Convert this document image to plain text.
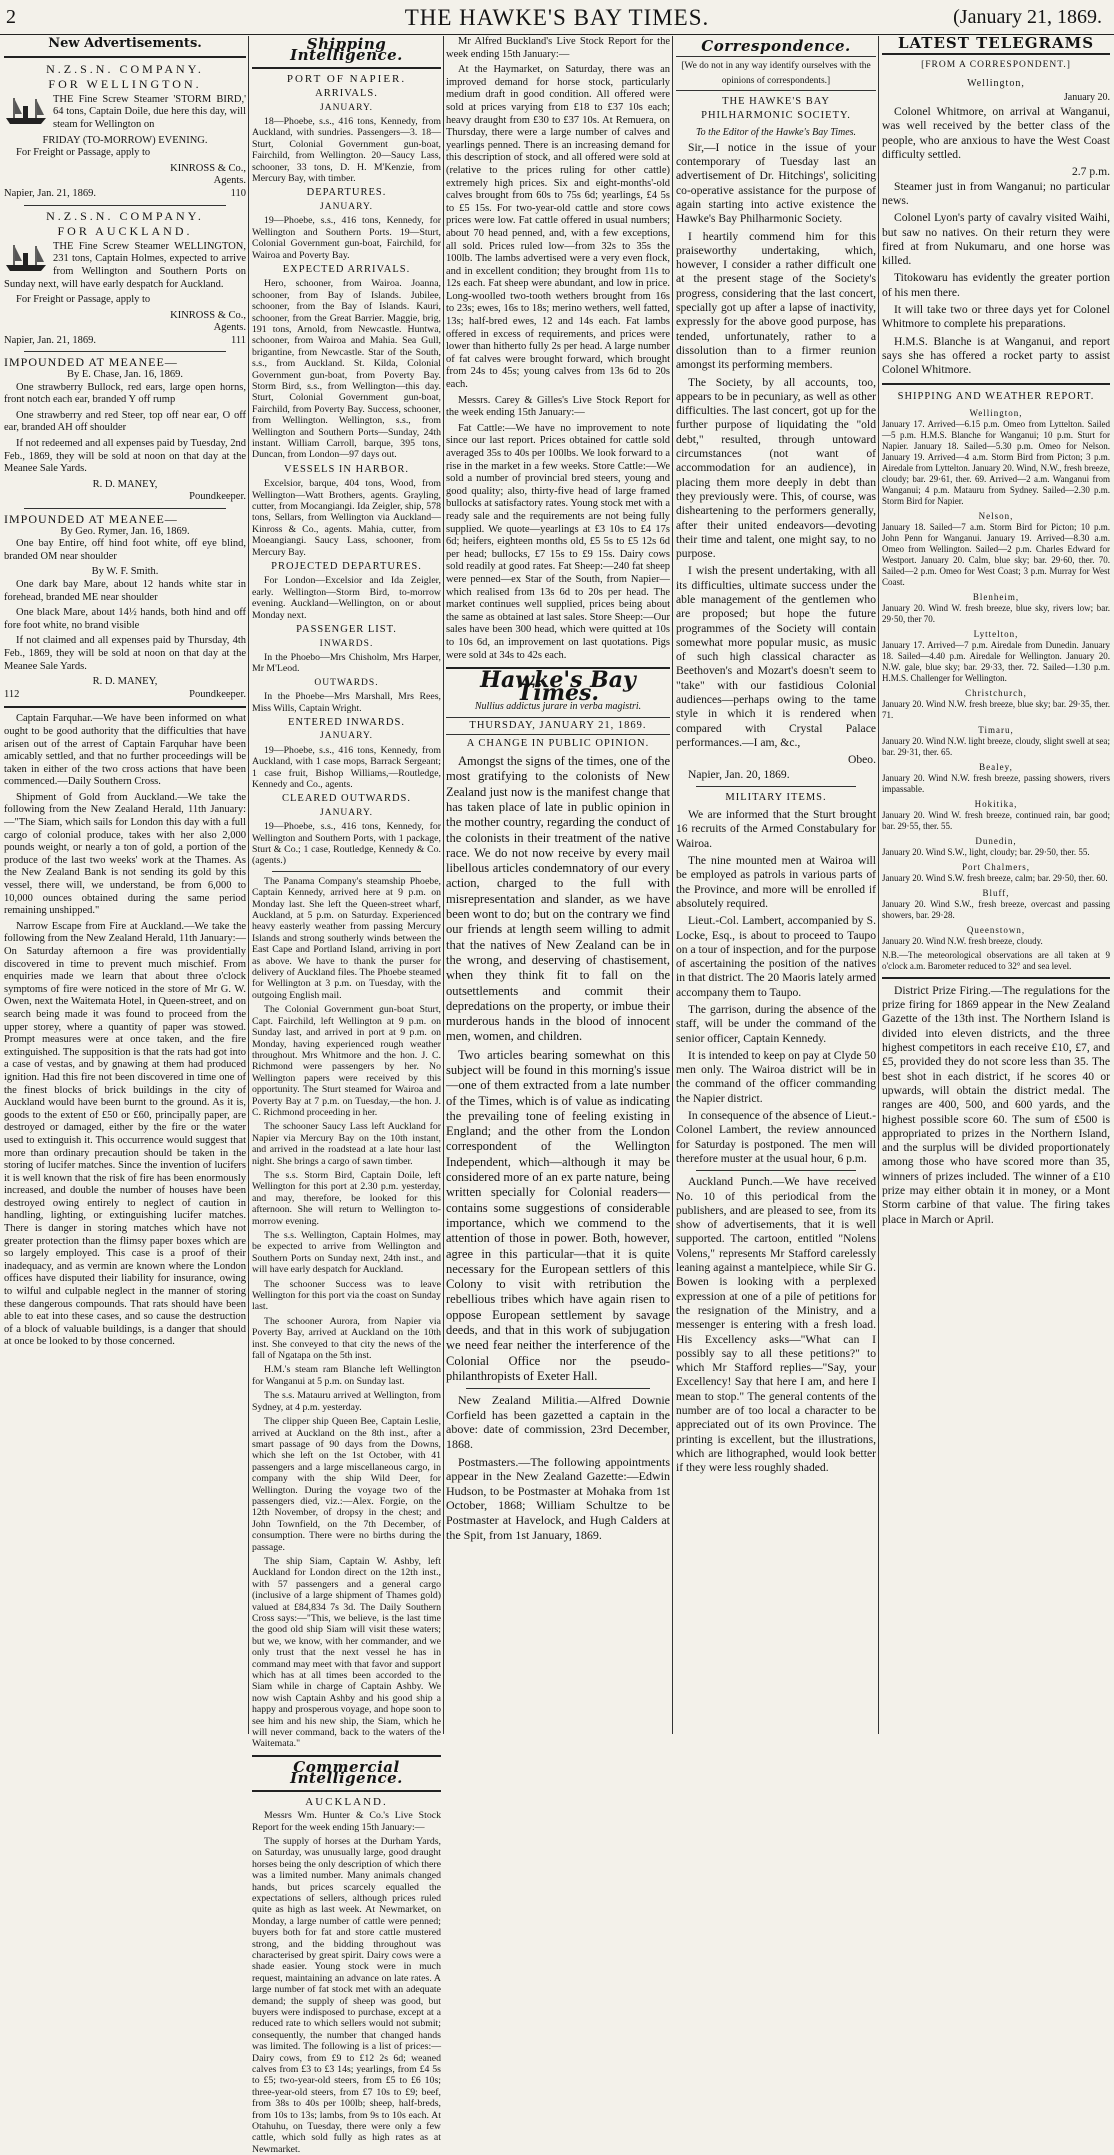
2	THE HAWKE'S BAY TIMES.	(January 21, 1869.
New Advertisements.
N.Z.S.N. COMPANY.
FOR WELLINGTON.

THE Fine Screw Steamer 'STORM BIRD,' 64 tons, Captain Doile, due here this day, will steam for Wellington on

FRIDAY (TO-MORROW) EVENING.

For Freight or Passage, apply to

KINROSS & Co.,
Agents.
Napier, Jan. 21, 1869.	110
N.Z.S.N. COMPANY.
FOR AUCKLAND.

THE Fine Screw Steamer WELLINGTON, 231 tons, Captain Holmes, expected to arrive from Wellington and Southern Ports on Sunday next, will have early despatch for Auckland.

For Freight or Passage, apply to

KINROSS & Co.,
Agents.
Napier, Jan. 21, 1869.	111
IMPOUNDED AT MEANEE—
By E. Chase, Jan. 16, 1869.

One strawberry Bullock, red ears, large open horns, front notch each ear, branded Y off rump

One strawberry and red Steer, top off near ear, O off ear, branded AH off shoulder

If not redeemed and all expenses paid by Tuesday, 2nd Feb., 1869, they will be sold at noon on that day at the Meanee Sale Yards.

R. D. MANEY,
Poundkeeper.
IMPOUNDED AT MEANEE—
By Geo. Rymer, Jan. 16, 1869.

One bay Entire, off hind foot white, off eye blind, branded OM near shoulder

By W. F. Smith.

One dark bay Mare, about 12 hands white star in forehead, branded ME near shoulder

One black Mare, about 14½ hands, both hind and off fore foot white, no brand visible

If not claimed and all expenses paid by Thursday, 4th Feb., 1869, they will be sold at noon on that day at the Meanee Sale Yards.

R. D. MANEY,
112	Poundkeeper.

Captain Farquhar.—We have been informed on what ought to be good authority that the difficulties that have arisen out of the arrest of Captain Farquhar have been amicably settled, and that no further proceedings will be taken in either of the two cross actions that have been commenced.—Daily Southern Cross.

Shipment of Gold from Auckland.—We take the following from the New Zealand Herald, 11th January:—"The Siam, which sails for London this day with a full cargo of colonial produce, takes with her also 2,000 pounds weight, or nearly a ton of gold, a portion of the produce of the last two weeks' work at the Thames. As the New Zealand Bank is not sending its gold by this vessel, there will, we understand, be from 6,000 to 10,000 ounces obtained during the same period remaining unshipped."

Narrow Escape from Fire at Auckland.—We take the following from the New Zealand Herald, 11th January:—On Saturday afternoon a fire was providentially discovered in time to prevent much mischief. From enquiries made we learn that about three o'clock symptoms of fire were noticed in the store of Mr G. W. Owen, next the Waitemata Hotel, in Queen-street, and on search being made it was found to proceed from the upper storey, where a quantity of paper was stowed. Prompt measures were at once taken, and the fire extinguished. The supposition is that the rats had got into a case of vestas, and by gnawing at them had produced ignition. Had this fire not been discovered in time one of the finest blocks of brick buildings in the city of Auckland would have been burnt to the ground. As it is, goods to the extent of £50 or £60, principally paper, are destroyed or damaged, either by the fire or the water used to extinguish it. This occurrence would suggest that more than ordinary precaution should be taken in the storing of lucifer matches. Since the invention of lucifers it is well known that the risk of fire has been enormously increased, and double the number of houses have been destroyed owing entirely to neglect of caution in handling, lighting, or extinguishing lucifer matches. There is danger in storing matches which have not greater protection than the flimsy paper boxes which are so largely employed. This case is a proof of their inadequacy, and as vermin are known where the London offices have disputed their liability for insurance, owing to wilful and culpable neglect in the manner of storing these dangerous compounds. That rats should have been able to eat into these cases, and so cause the destruction of a block of valuable buildings, is a danger that should at once be looked to by those concerned.

Shipping Intelligence.
PORT OF NAPIER.
ARRIVALS.
JANUARY.

18—Phoebe, s.s., 416 tons, Kennedy, from Auckland, with sundries. Passengers—3. 18—Sturt, Colonial Government gun-boat, Fairchild, from Wellington. 20—Saucy Lass, schooner, 33 tons, D. H. M'Kenzie, from Mercury Bay, with timber.

DEPARTURES.
JANUARY.

19—Phoebe, s.s., 416 tons, Kennedy, for Wellington and Southern Ports. 19—Sturt, Colonial Government gun-boat, Fairchild, for Wairoa and Poverty Bay.

EXPECTED ARRIVALS.

Hero, schooner, from Wairoa. Joanna, schooner, from Bay of Islands. Jubilee, schooner, from the Bay of Islands. Kauri, schooner, from the Great Barrier. Maggie, brig, 191 tons, Arnold, from Newcastle. Huntwa, schooner, from Wairoa and Mahia. Sea Gull, brigantine, from Newcastle. Star of the South, s.s., from Auckland. St. Kilda, Colonial Government gun-boat, from Poverty Bay. Storm Bird, s.s., from Wellington—this day. Sturt, Colonial Government gun-boat, Fairchild, from Poverty Bay. Success, schooner, from Wellington. Wellington, s.s., from Wellington and Southern Ports—Sunday, 24th instant. William Carroll, barque, 395 tons, Duncan, from London—97 days out.

VESSELS IN HARBOR.

Excelsior, barque, 404 tons, Wood, from Wellington—Watt Brothers, agents. Grayling, cutter, from Mocangiangi. Ida Zeigler, ship, 578 tons, Sellars, from Wellington via Auckland—Kinross & Co., agents. Mahia, cutter, from Moeangiangi. Saucy Lass, schooner, from Mercury Bay.

PROJECTED DEPARTURES.

For London—Excelsior and Ida Zeigler, early. Wellington—Storm Bird, to-morrow evening. Auckland—Wellington, on or about Monday next.

PASSENGER LIST.
INWARDS.

In the Phoebo—Mrs Chisholm, Mrs Harper, Mr M'Leod.

OUTWARDS.

In the Phoebe—Mrs Marshall, Mrs Rees, Miss Wills, Captain Wright.

ENTERED INWARDS.
JANUARY.

19—Phoebe, s.s., 416 tons, Kennedy, from Auckland, with 1 case mops, Barrack Sergeant; 1 case fruit, Bishop Williams,—Routledge, Kennedy and Co., agents.

CLEARED OUTWARDS.
JANUARY.

19—Phoebe, s.s., 416 tons, Kennedy, for Wellington and Southern Ports, with 1 package, Sturt & Co.; 1 case, Routledge, Kennedy & Co. (agents.)

The Panama Company's steamship Phoebe, Captain Kennedy, arrived here at 9 p.m. on Monday last. She left the Queen-street wharf, Auckland, at 5 p.m. on Saturday. Experienced heavy easterly weather from passing Mercury Islands and strong southerly winds between the East Cape and Portland Island, arriving in port as above. We have to thank the purser for delivery of Auckland files. The Phoebe steamed for Wellington at 3 p.m. on Tuesday, with the outgoing English mail.

The Colonial Government gun-boat Sturt, Capt. Fairchild, left Wellington at 9 p.m. on Sunday last, and arrived in port at 9 p.m. on Monday, having experienced rough weather throughout. Mrs Whitmore and the hon. J. C. Richmond were passengers by her. No Wellington papers were received by this opportunity. The Sturt steamed for Wairoa and Poverty Bay at 7 p.m. on Tuesday,—the hon. J. C. Richmond proceeding in her.

The schooner Saucy Lass left Auckland for Napier via Mercury Bay on the 10th instant, and arrived in the roadstead at a late hour last night. She brings a cargo of sawn timber.

The s.s. Storm Bird, Captain Doile, left Wellington for this port at 2.30 p.m. yesterday, and may, therefore, be looked for this afternoon. She will return to Wellington to-morrow evening.

The s.s. Wellington, Captain Holmes, may be expected to arrive from Wellington and Southern Ports on Sunday next, 24th inst., and will have early despatch for Auckland.

The schooner Success was to leave Wellington for this port via the coast on Sunday last.

The schooner Aurora, from Napier via Poverty Bay, arrived at Auckland on the 10th inst. She conveyed to that city the news of the fall of Ngatapa on the 5th inst.

H.M.'s steam ram Blanche left Wellington for Wanganui at 5 p.m. on Sunday last.

The s.s. Matauru arrived at Wellington, from Sydney, at 4 p.m. yesterday.

The clipper ship Queen Bee, Captain Leslie, arrived at Auckland on the 8th inst., after a smart passage of 90 days from the Downs, which she left on the 1st October, with 41 passengers and a large miscellaneous cargo, in company with the ship Wild Deer, for Wellington. During the voyage two of the passengers died, viz.:—Alex. Forgie, on the 12th November, of dropsy in the chest; and John Townfield, on the 7th December, of consumption. There were no births during the passage.

The ship Siam, Captain W. Ashby, left Auckland for London direct on the 12th inst., with 57 passengers and a general cargo (inclusive of a large shipment of Thames gold) valued at £84,834 7s 3d. The Daily Southern Cross says:—"This, we believe, is the last time the good old ship Siam will visit these waters; but we, we know, with her commander, and we only trust that the next vessel he has in command may meet with that favor and support which has at all times been accorded to the Siam while in charge of Captain Ashby. We now wish Captain Ashby and his good ship a happy and prosperous voyage, and hope soon to see him and his new ship, the Siam, which he will never command, back to the waters of the Waitemata."

Commercial Intelligence.
AUCKLAND.

Messrs Wm. Hunter & Co.'s Live Stock Report for the week ending 15th January:—

The supply of horses at the Durham Yards, on Saturday, was unusually large, good draught horses being the only description of which there was a limited number. Many animals changed hands, but prices scarcely equalled the expectations of sellers, although prices ruled quite as high as last week. At Newmarket, on Monday, a large number of cattle were penned; buyers both for fat and store cattle mustered strong, and the bidding throughout was characterised by great spirit. Dairy cows were a shade easier. Young stock were in much request, maintaining an advance on late rates. A large number of fat stock met with an adequate demand; the supply of sheep was good, but buyers were indisposed to purchase, except at a reduced rate to which sellers would not submit; consequently, the number that changed hands was limited. The following is a list of prices:—Dairy cows, from £9 to £12 2s 6d; weaned calves from £3 to £3 14s; yearlings, from £4 5s to £5; two-year-old steers, from £5 to £6 10s; three-year-old steers, from £7 10s to £9; beef, from 38s to 40s per 100lb; sheep, half-breds, from 10s to 13s; lambs, from 9s to 10s each. At Otahuhu, on Tuesday, there were only a few cattle, which sold fully as high rates as at Newmarket.

Mr Alfred Buckland's Live Stock Report for the week ending 15th January:—

At the Haymarket, on Saturday, there was an improved demand for horse stock, particularly medium draft in good condition. All offered were sold at prices varying from £18 to £37 10s each; heavy draught from £30 to £37 10s. At Remuera, on Thursday, there were a large number of calves and yearlings penned. There is an increasing demand for this description of stock, and all offered were sold at (relative to the prices ruling for other cattle) extremely high prices. Six and eight-months'-old calves brought from 60s to 75s 6d; yearlings, £4 5s to £5 15s. For two-year-old cattle and store cows prices were low. Fat cattle offered in usual numbers; about 70 head penned, and, with a few exceptions, all sold. Prices ruled low—from 32s to 35s the 100lb. The lambs advertised were a very even flock, and in excellent condition; they brought from 11s to 12s each. Fat sheep were abundant, and low in price. Long-woolled two-tooth wethers brought from 16s to 23s; ewes, 16s to 18s; merino wethers, well fatted, 13s; half-bred ewes, 12 and 14s each. Fat lambs offered in excess of requirements, and prices were lower than hitherto fully 2s per head. A large number of fat calves were brought forward, which brought from 24s to 45s; young calves from 13s 6d to 20s each.

Messrs. Carey & Gilles's Live Stock Report for the week ending 15th January:—

Fat Cattle:—We have no improvement to note since our last report. Prices obtained for cattle sold averaged 35s to 40s per 100lbs. We look forward to a rise in the market in a few weeks. Store Cattle:—We sold a number of provincial bred steers, young and good quality; also, thirty-five head of large framed bullocks at satisfactory rates. Young stock met with a ready sale and the requirements are not being fully supplied. We quote—yearlings at £3 10s to £4 17s 6d; heifers, eighteen months old, £5 5s to £5 12s 6d per head; bullocks, £7 15s to £9 15s. Dairy cows sold readily at good rates. Fat Sheep:—240 fat sheep were penned—ex Star of the South, from Napier—which realised from 13s 6d to 20s per head. The market continues well supplied, prices being about the same as obtained at last sales. Store Sheep:—Our sales have been 300 head, which were quitted at 10s to 10s 6d, an improvement on last quotations. Pigs were sold at 34s to 42s each.

Hawke's Bay Times.
Nullius addictus jurare in verba magistri.
THURSDAY, JANUARY 21, 1869.
A CHANGE IN PUBLIC OPINION.

Amongst the signs of the times, one of the most gratifying to the colonists of New Zealand just now is the manifest change that has taken place of late in public opinion in the mother country, regarding the conduct of the colonists in their treatment of the native race. We do not now receive by every mail libellous articles condemnatory of our every action, charged to the full with misrepresentation and slander, as we have been wont to do; but on the contrary we find our friends at length seem willing to admit that the natives of New Zealand can be in the wrong, and deserving of chastisement, when they think fit to fall on the outsettlements and commit their depredations on the property, or imbue their murderous hands in the blood of innocent men, women, and children.

Two articles bearing somewhat on this subject will be found in this morning's issue—one of them extracted from a late number of the Times, which is of value as indicating the prevailing tone of feeling existing in England; and the other from the London correspondent of the Wellington Independent, which—although it may be considered more of an ex parte nature, being written specially for Colonial readers—contains some suggestions of considerable importance, which we commend to the attention of those in power. Both, however, agree in this particular—that it is quite necessary for the European settlers of this Colony to visit with retribution the rebellious tribes which have again risen to oppose European settlement by savage deeds, and that in this work of subjugation we need fear neither the interference of the Colonial Office nor the pseudo-philanthropists of Exeter Hall.

New Zealand Militia.—Alfred Downie Corfield has been gazetted a captain in the above: date of commission, 23rd December, 1868.

Postmasters.—The following appointments appear in the New Zealand Gazette:—Edwin Hudson, to be Postmaster at Mohaka from 1st October, 1868; William Schultze to be Postmaster at Havelock, and Hugh Calders at the Spit, from 1st January, 1869.

Correspondence.
[We do not in any way identify ourselves with the opinions of correspondents.]
THE HAWKE'S BAY PHILHARMONIC SOCIETY.
To the Editor of the Hawke's Bay Times.

Sir,—I notice in the issue of your contemporary of Tuesday last an advertisement of Dr. Hitchings', soliciting co-operative assistance for the purpose of again starting into active existence the Hawke's Bay Philharmonic Society.

I heartily commend him for this praiseworthy undertaking, which, however, I consider a rather difficult one at the present stage of the Society's progress, considering that the last concert, specially got up after a lapse of inactivity, expressly for the above good purpose, has tended, unfortunately, rather to a dissolution than to a firmer reunion amongst its performing members.

The Society, by all accounts, too, appears to be in pecuniary, as well as other difficulties. The last concert, got up for the further purpose of liquidating the "old debt," resulted, through untoward circumstances (not want of accommodation for an audience), in placing them more deeply in debt than they previously were. This, of course, was disheartening to the performers generally, after their united endeavors—devoting their time and talent, one might say, to no purpose.

I wish the present undertaking, with all its difficulties, ultimate success under the able management of the gentlemen who are proposed; but hope the future programmes of the Society will contain somewhat more popular music, as music of such high classical character as Beethoven's and Mozart's doesn't seem to "take" with our fastidious Colonial audiences—perhaps owing to the tame style in which it is rendered when compared with Crystal Palace performances.—I am, &c.,

Obeo.

Napier, Jan. 20, 1869.

MILITARY ITEMS.

We are informed that the Sturt brought 16 recruits of the Armed Constabulary for Wairoa.

The nine mounted men at Wairoa will be employed as patrols in various parts of the Province, and more will be enrolled if absolutely required.

Lieut.-Col. Lambert, accompanied by S. Locke, Esq., is about to proceed to Taupo on a tour of inspection, and for the purpose of ascertaining the position of the natives in that district. The 20 Maoris lately armed accompany them to Taupo.

The garrison, during the absence of the staff, will be under the command of the senior officer, Captain Kennedy.

It is intended to keep on pay at Clyde 50 men only. The Wairoa district will be in the command of the officer commanding the Napier district.

In consequence of the absence of Lieut.-Colonel Lambert, the review announced for Saturday is postponed. The men will therefore muster at the usual hour, 6 p.m.

Auckland Punch.—We have received No. 10 of this periodical from the publishers, and are pleased to see, from its show of advertisements, that it is well supported. The cartoon, entitled "Nolens Volens," represents Mr Stafford carelessly leaning against a mantelpiece, while Sir G. Bowen is looking with a perplexed expression at one of a pile of petitions for the resignation of the Ministry, and a messenger is entering with a fresh load. His Excellency asks—"What can I possibly say to all these petitions?" to which Mr Stafford replies—"Say, your Excellency! Say that here I am, and here I mean to stop." The general contents of the number are of too local a character to be appreciated out of its own Province. The printing is excellent, but the illustrations, which are lithographed, would look better if they were less roughly shaded.

LATEST TELEGRAMS
[FROM A CORRESPONDENT.]
Wellington,
January 20.

Colonel Whitmore, on arrival at Wanganui, was well received by the better class of the people, who are anxious to have the West Coast difficulty settled.

2.7 p.m.

Steamer just in from Wanganui; no particular news.

Colonel Lyon's party of cavalry visited Waihi, but saw no natives. On their return they were fired at from Nukumaru, and one horse was killed.

Titokowaru has evidently the greater portion of his men there.

It will take two or three days yet for Colonel Whitmore to complete his preparations.

H.M.S. Blanche is at Wanganui, and report says she has offered a rocket party to assist Colonel Whitmore.

SHIPPING AND WEATHER REPORT.
Wellington,

January 17. Arrived—6.15 p.m. Omeo from Lyttelton. Sailed—5 p.m. H.M.S. Blanche for Wanganui; 10 p.m. Sturt for Napier. January 18. Sailed—5.30 p.m. Omeo for Nelson. January 19. Arrived—4 a.m. Storm Bird from Picton; 3 p.m. Airedale from Lyttelton. January 20. Wind, N.W., fresh breeze, cloudy; bar. 29·61, ther. 69. Arrived—2 a.m. Wanganui from Wanganui; 4 p.m. Matauru from Sydney. Sailed—2.30 p.m. Storm Bird for Napier.

Nelson,

January 18. Sailed—7 a.m. Storm Bird for Picton; 10 p.m. John Penn for Wanganui. January 19. Arrived—8.30 a.m. Omeo from Wellington. Sailed—2 p.m. Charles Edward for Westport. January 20. Calm, blue sky; bar. 29·60, ther. 70. Sailed—2 p.m. Omeo for West Coast; 3 p.m. Murray for West Coast.

Blenheim,

January 20. Wind W. fresh breeze, blue sky, rivers low; bar. 29·50, ther 70.

Lyttelton,

January 17. Arrived—7 p.m. Airedale from Dunedin. January 18. Sailed—4.40 p.m. Airedale for Wellington. January 20. N.W. gale, blue sky; bar. 29·33, ther. 72. Sailed—1.30 p.m. H.M.S. Challenger for Wellington.

Christchurch,

January 20. Wind N.W. fresh breeze, blue sky; bar. 29·35, ther. 71.

Timaru,

January 20. Wind N.W. light breeze, cloudy, slight swell at sea; bar. 29·31, ther. 65.

Bealey,

January 20. Wind N.W. fresh breeze, passing showers, rivers impassable.

Hokitika,

January 20. Wind W. fresh breeze, continued rain, bar good; bar. 29·55, ther. 55.

Dunedin,

January 20. Wind S.W., light, cloudy; bar. 29·50, ther. 55.

Port Chalmers,

January 20. Wind S.W. fresh breeze, calm; bar. 29·50, ther. 60.

Bluff,

January 20. Wind S.W., fresh breeze, overcast and passing showers, bar. 29·28.

Queenstown,

January 20. Wind N.W. fresh breeze, cloudy.

N.B.—The meteorological observations are all taken at 9 o'clock a.m. Barometer reduced to 32° and sea level.

District Prize Firing.—The regulations for the prize firing for 1869 appear in the New Zealand Gazette of the 13th inst. The Northern Island is divided into eleven districts, and the three highest competitors in each receive £10, £7, and £5, provided they do not score less than 35. The best shot in each district, if he scores 40 or upwards, will obtain the district medal. The ranges are 400, 500, and 600 yards, and the highest possible score 60. The sum of £500 is appropriated to prizes in the Northern Island, and the surplus will be divided proportionately among those who have scored more than 35, winners of prizes included. The winner of a £10 prize may either obtain it in money, or a Mont Storm carbine of that value. The firing takes place in March or April.
